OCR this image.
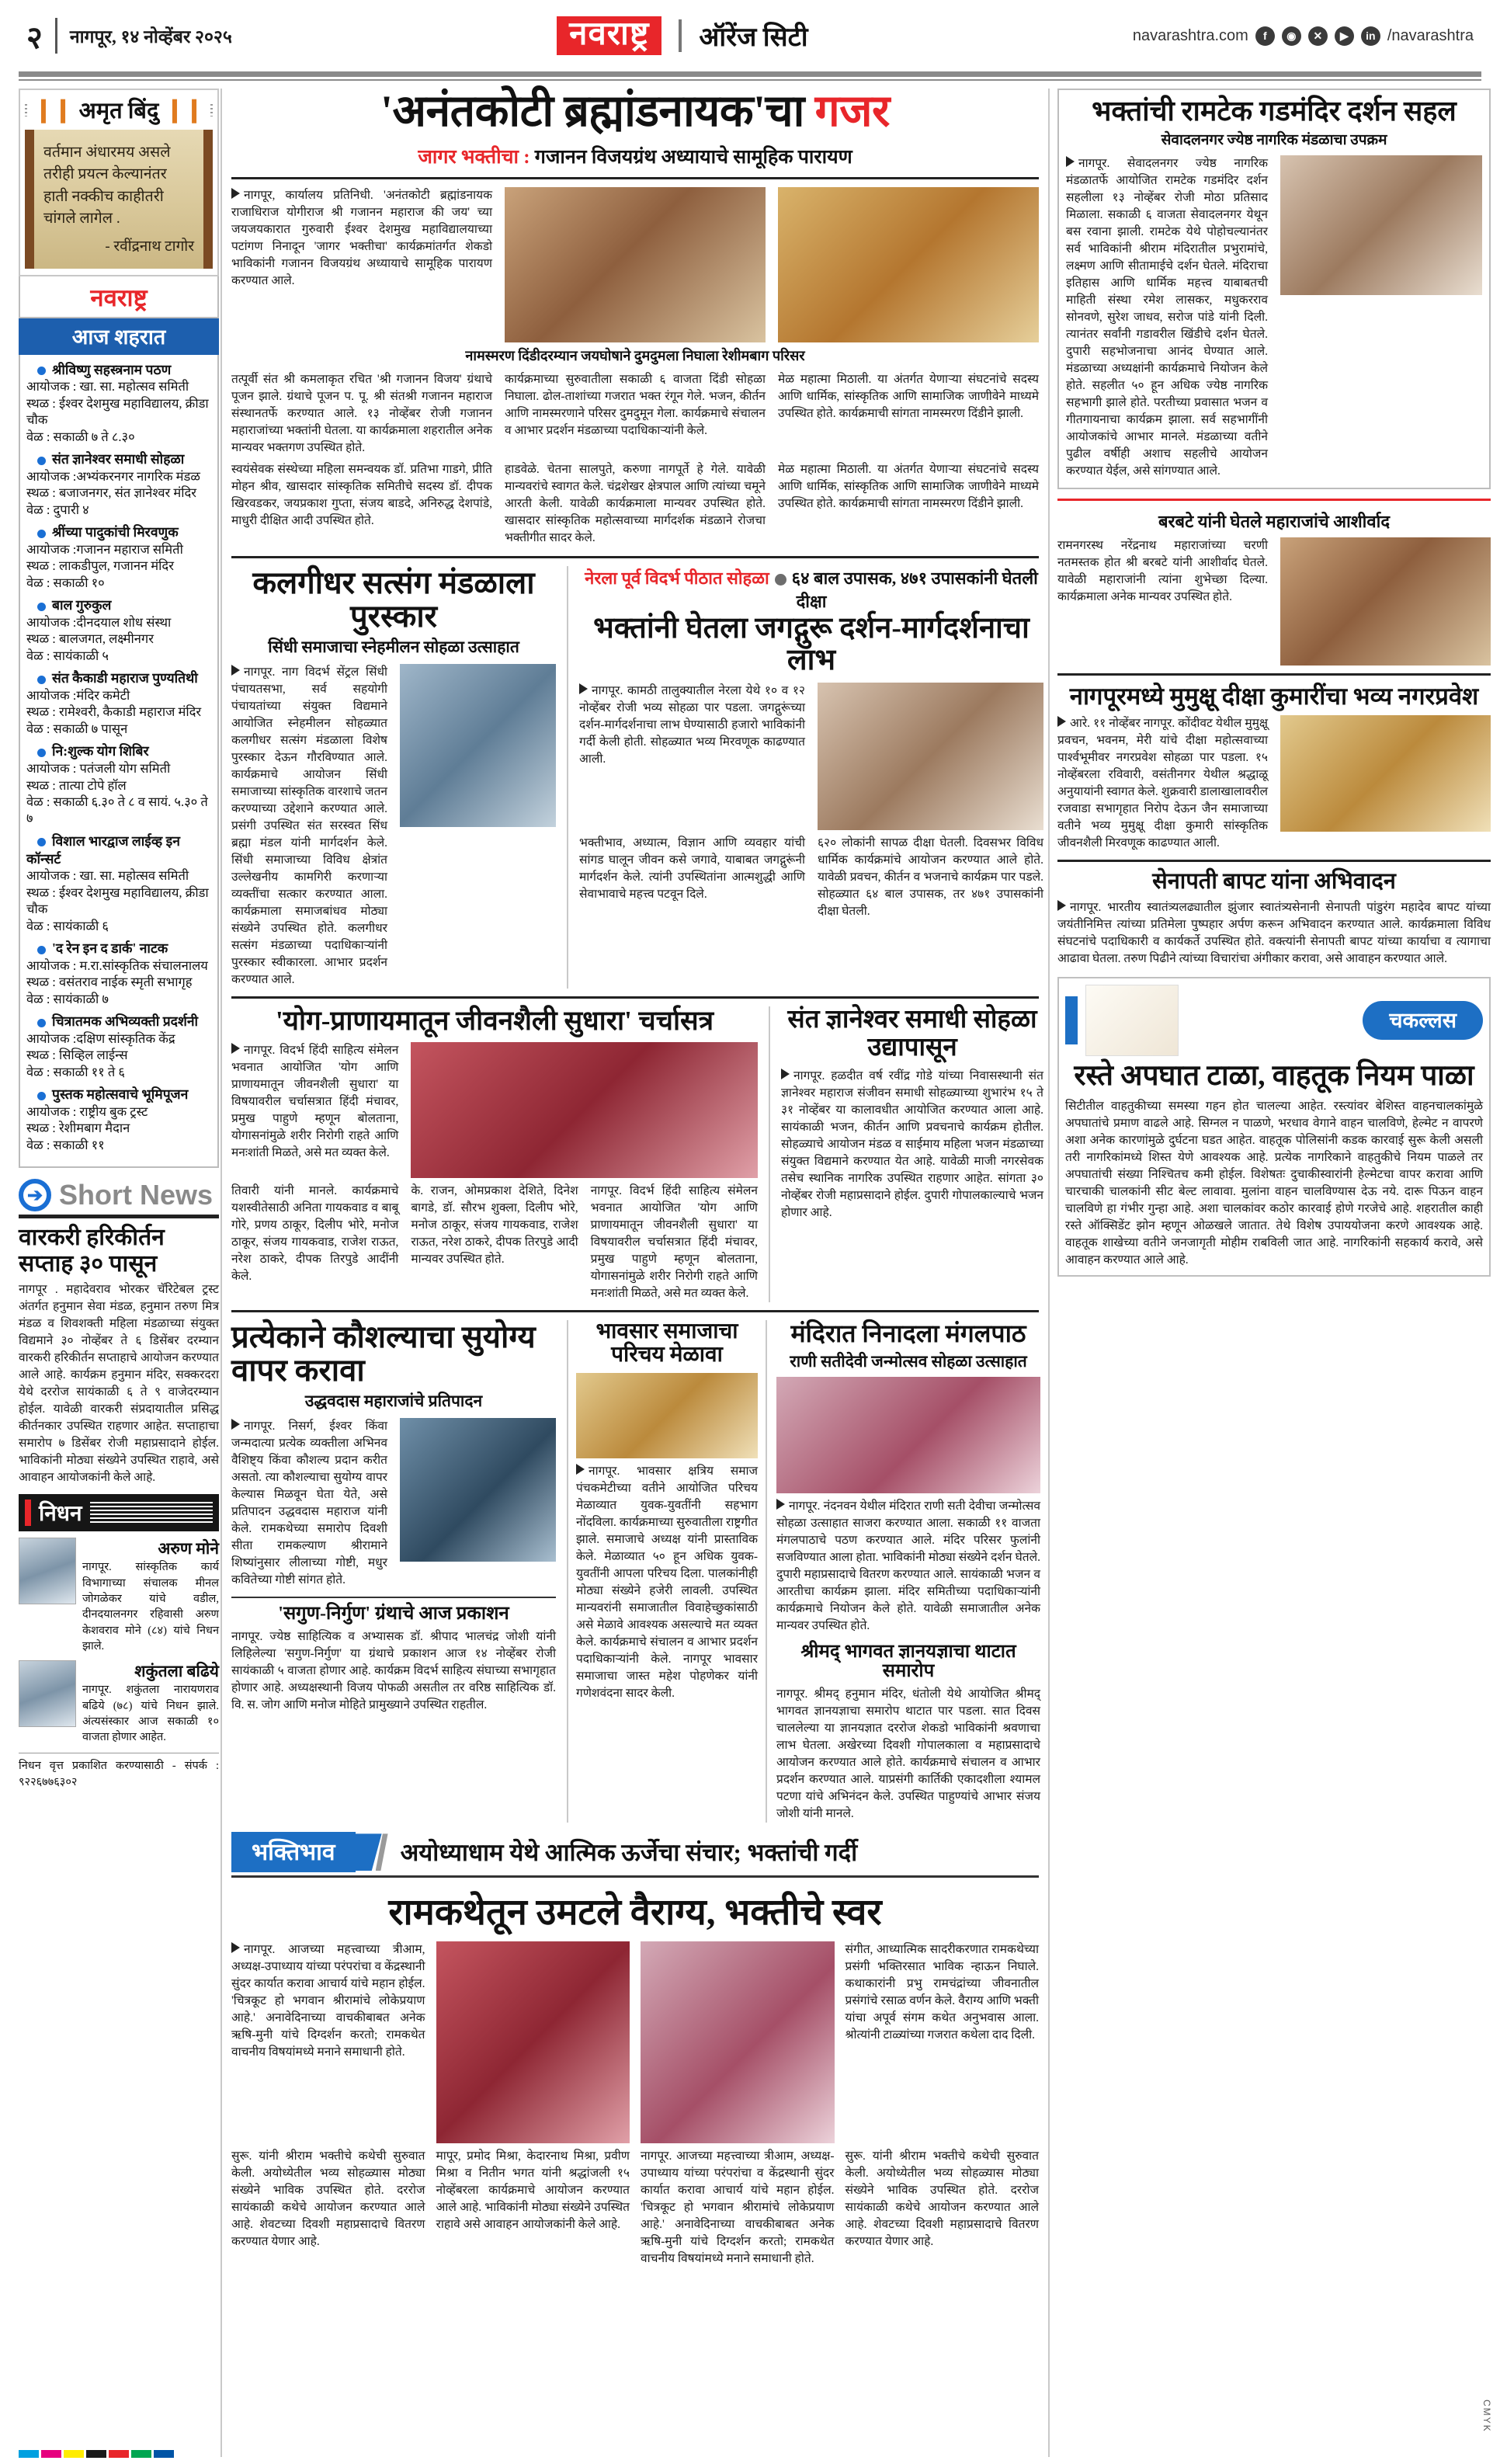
२	नागपूर, १४ नोव्हेंबर २०२५	नवराष्ट्र	ऑरेंज सिटी	navarashtra.com	f	◉	✕	▶	in /navarashtra
❙❙ अमृत बिंदु ❙❙
वर्तमान अंधारमय असले तरीही प्रयत्न केल्यानंतर हाती नक्कीच काहीतरी चांगले लागेल .
- रवींद्रनाथ टागोर
नवराष्ट्र
आज शहरात
श्रीविष्णु सहस्त्रनाम पठण
आयोजक : खा. सा. महोत्सव समिती
स्थळ : ईश्वर देशमुख महाविद्यालय, क्रीडा चौक
वेळ : सकाळी ७ ते ८.३०
संत ज्ञानेश्वर समाधी सोहळा
आयोजक :अभ्यंकरनगर नागरिक मंडळ
स्थळ : बजाजनगर, संत ज्ञानेश्वर मंदिर
वेळ : दुपारी ४
श्रींच्या पादुकांची मिरवणुक
आयोजक :गजानन महाराज समिती
स्थळ : लाकडीपुल, गजानन मंदिर
वेळ : सकाळी १०
बाल गुरुकुल
आयोजक :दीनदयाल शोध संस्था
स्थळ : बालजगत, लक्ष्मीनगर
वेळ : सायंकाळी ५
संत कैकाडी महाराज पुण्यतिथी
आयोजक :मंदिर कमेटी
स्थळ : रामेश्वरी, कैकाडी महाराज मंदिर
वेळ : सकाळी ७ पासून
नि:शुल्क योग शिबिर
आयोजक : पतंजली योग समिती
स्थळ : तात्या टोपे हॉल
वेळ : सकाळी ६.३० ते ८ व सायं. ५.३० ते ७
विशाल भारद्वाज लाईव्ह इन कॉन्सर्ट
आयोजक : खा. सा. महोत्सव समिती
स्थळ : ईश्वर देशमुख महाविद्यालय, क्रीडा चौक
वेळ : सायंकाळी ६
'द रेन इन द डार्क' नाटक
आयोजक : म.रा.सांस्कृतिक संचालनालय
स्थळ : वसंतराव नाईक स्मृती सभागृह
वेळ : सायंकाळी ७
चित्रातमक अभिव्यक्ती प्रदर्शनी
आयोजक :दक्षिण सांस्कृतिक केंद्र
स्थळ : सिव्हिल लाईन्स
वेळ : सकाळी ११ ते ६
पुस्तक महोत्सवाचे भूमिपूजन
आयोजक : राष्ट्रीय बुक ट्रस्ट
स्थळ : रेशीमबाग मैदान
वेळ : सकाळी ११
➔ Short News
वारकरी हरिकीर्तन सप्ताह ३० पासून
नागपूर . महादेवराव भोरकर चॅरिटेबल ट्रस्ट अंतर्गत हनुमान सेवा मंडळ, हनुमान तरुण मित्र मंडळ व शिवशक्ती महिला मंडळाच्या संयुक्त विद्यमाने ३० नोव्हेंबर ते ६ डिसेंबर दरम्यान वारकरी हरिकीर्तन सप्ताहाचे आयोजन करण्यात आले आहे. कार्यक्रम हनुमान मंदिर, सक्करदरा येथे दररोज सायंकाळी ६ ते ९ वाजेदरम्यान होईल. यावेळी वारकरी संप्रदायातील प्रसिद्ध कीर्तनकार उपस्थित राहणार आहेत. सप्ताहाचा समारोप ७ डिसेंबर रोजी महाप्रसादाने होईल. भाविकांनी मोठ्या संख्येने उपस्थित राहावे, असे आवाहन आयोजकांनी केले आहे.
निधन
अरुण मोने
नागपूर. सांस्कृतिक कार्य विभागाच्या संचालक मीनल जोगळेकर यांचे वडील, दीनदयालनगर रहिवासी अरुण केशवराव मोने (८४) यांचे निधन झाले.
शकुंतला बढिये
नागपूर. शकुंतला नारायणराव बढिये (७८) यांचे निधन झाले. अंत्यसंस्कार आज सकाळी १० वाजता होणार आहेत.
निधन वृत्त प्रकाशित करण्यासाठी - संपर्क : ९२२६७७६३०२
'अनंतकोटी ब्रह्मांडनायक'चा गजर
जागर भक्तीचा : गजानन विजयग्रंथ अध्यायाचे सामूहिक पारायण
नागपूर, कार्यालय प्रतिनिधी. 'अनंतकोटी ब्रह्मांडनायक राजाधिराज योगीराज श्री गजानन महाराज की जय' च्या जयजयकारात गुरुवारी ईश्वर देशमुख महाविद्यालयाच्या पटांगण निनादून 'जागर भक्तीचा' कार्यक्रमांतर्गत शेकडो भाविकांनी गजानन विजयग्रंथ अध्यायाचे सामूहिक पारायण करण्यात आले.
नामस्मरण दिंडीदरम्यान जयघोषाने दुमदुमला निघाला रेशीमबाग परिसर
तत्पूर्वी संत श्री कमलाकृत रचित 'श्री गजानन विजय' ग्रंथाचे पूजन झाले. ग्रंथाचे पूजन प. पू. श्री संतश्री गजानन महाराज संस्थानतर्फे करण्यात आले. १३ नोव्हेंबर रोजी गजानन महाराजांच्या भक्तांनी घेतला. या कार्यक्रमाला शहरातील अनेक मान्यवर भक्तगण उपस्थित होते.
कार्यक्रमाच्या सुरुवातीला सकाळी ६ वाजता दिंडी सोहळा निघाला. ढोल-ताशांच्या गजरात भक्त रंगून गेले. भजन, कीर्तन आणि नामस्मरणाने परिसर दुमदुमून गेला. कार्यक्रमाचे संचालन व आभार प्रदर्शन मंडळाच्या पदाधिकाऱ्यांनी केले.
मेळ महात्मा मिठाली. या अंतर्गत येणाऱ्या संघटनांचे सदस्य आणि धार्मिक, सांस्कृतिक आणि सामाजिक जाणीवेने माध्यमे उपस्थित होते. कार्यक्रमाची सांगता नामस्मरण दिंडीने झाली.
स्वयंसेवक संस्थेच्या महिला समन्वयक डॉ. प्रतिभा गाडगे, प्रीति मोहन श्रीव, खासदार सांस्कृतिक समितीचे सदस्य डॉ. दीपक खिरवडकर, जयप्रकाश गुप्ता, संजय बाडदे, अनिरुद्ध देशपांडे, माधुरी दीक्षित आदी उपस्थित होते.
हाडवेळे. चेतना सालपुते, करुणा नागपूर्ते हे गेले. यावेळी मान्यवरांचे स्वागत केले. चंद्रशेखर क्षेत्रपाल आणि त्यांच्या चमूने आरती केली. यावेळी कार्यक्रमाला मान्यवर उपस्थित होते. खासदार सांस्कृतिक महोत्सवाच्या मार्गदर्शक मंडळाने रोजचा भक्तीगीत सादर केले.
मेळ महात्मा मिठाली. या अंतर्गत येणाऱ्या संघटनांचे सदस्य आणि धार्मिक, सांस्कृतिक आणि सामाजिक जाणीवेने माध्यमे उपस्थित होते. कार्यक्रमाची सांगता नामस्मरण दिंडीने झाली.
कलगीधर सत्संग मंडळाला पुरस्कार
सिंधी समाजाचा स्नेहमीलन सोहळा उत्साहात
नागपूर. नाग विदर्भ सेंट्रल सिंधी पंचायतसभा, सर्व सहयोगी पंचायतांच्या संयुक्त विद्यमाने आयोजित स्नेहमीलन सोहळ्यात कलगीधर सत्संग मंडळाला विशेष पुरस्कार देऊन गौरविण्यात आले. कार्यक्रमाचे आयोजन सिंधी समाजाच्या सांस्कृतिक वारशाचे जतन करण्याच्या उद्देशाने करण्यात आले. प्रसंगी उपस्थित संत सरस्वत सिंध ब्रह्मा मंडल यांनी मार्गदर्शन केले. सिंधी समाजाच्या विविध क्षेत्रांत उल्लेखनीय कामगिरी करणाऱ्या व्यक्तींचा सत्कार करण्यात आला. कार्यक्रमाला समाजबांधव मोठ्या संख्येने उपस्थित होते. कलगीधर सत्संग मंडळाच्या पदाधिकाऱ्यांनी पुरस्कार स्वीकारला. आभार प्रदर्शन करण्यात आले.
नेरला पूर्व विदर्भ पीठात सोहळा ६४ बाल उपासक, ४७१ उपासकांनी घेतली दीक्षा
भक्तांनी घेतला जगद्गुरू दर्शन-मार्गदर्शनाचा लाभ
नागपूर. कामठी तालुक्यातील नेरला येथे १० व १२ नोव्हेंबर रोजी भव्य सोहळा पार पडला. जगद्गुरूंच्या दर्शन-मार्गदर्शनाचा लाभ घेण्यासाठी हजारो भाविकांनी गर्दी केली होती. सोहळ्यात भव्य मिरवणूक काढण्यात आली.
भक्तीभाव, अध्यात्म, विज्ञान आणि व्यवहार यांची सांगड घालून जीवन कसे जगावे, याबाबत जगद्गुरूंनी मार्गदर्शन केले. त्यांनी उपस्थितांना आत्मशुद्धी आणि सेवाभावाचे महत्त्व पटवून दिले.
६२० लोकांनी सापळ दीक्षा घेतली. दिवसभर विविध धार्मिक कार्यक्रमांचे आयोजन करण्यात आले होते. यावेळी प्रवचन, कीर्तन व भजनाचे कार्यक्रम पार पडले. सोहळ्यात ६४ बाल उपासक, तर ४७१ उपासकांनी दीक्षा घेतली.
'योग-प्राणायमातून जीवनशैली सुधारा' चर्चासत्र
नागपूर. विदर्भ हिंदी साहित्य संमेलन भवनात आयोजित 'योग आणि प्राणायमातून जीवनशैली सुधारा' या विषयावरील चर्चासत्रात हिंदी मंचावर, प्रमुख पाहुणे म्हणून बोलताना, योगासनांमुळे शरीर निरोगी राहते आणि मनःशांती मिळते, असे मत व्यक्त केले.
तिवारी यांनी मानले. कार्यक्रमाचे यशस्वीतेसाठी अनिता गायकवाड व बाबू गोरे, प्रणय ठाकूर, दिलीप भोरे, मनोज ठाकूर, संजय गायकवाड, राजेश राऊत, नरेश ठाकरे, दीपक तिरपुडे आदींनी केले.
के. राजन, ओमप्रकाश देशिते, दिनेश बागडे, डॉ. सौरभ शुक्ला, दिलीप भोरे, मनोज ठाकूर, संजय गायकवाड, राजेश राऊत, नरेश ठाकरे, दीपक तिरपुडे आदी मान्यवर उपस्थित होते.
नागपूर. विदर्भ हिंदी साहित्य संमेलन भवनात आयोजित 'योग आणि प्राणायमातून जीवनशैली सुधारा' या विषयावरील चर्चासत्रात हिंदी मंचावर, प्रमुख पाहुणे म्हणून बोलताना, योगासनांमुळे शरीर निरोगी राहते आणि मनःशांती मिळते, असे मत व्यक्त केले.
संत ज्ञानेश्वर समाधी सोहळा उद्यापासून
नागपूर. हळदीत वर्ष रवींद्र गोडे यांच्या निवासस्थानी संत ज्ञानेश्वर महाराज संजीवन समाधी सोहळ्याच्या शुभारंभ १५ ते ३१ नोव्हेंबर या कालावधीत आयोजित करण्यात आला आहे. सायंकाळी भजन, कीर्तन आणि प्रवचनाचे कार्यक्रम होतील. सोहळ्याचे आयोजन मंडळ व साईमाय महिला भजन मंडळाच्या संयुक्त विद्यमाने करण्यात येत आहे. यावेळी माजी नगरसेवक तसेच स्थानिक नागरिक उपस्थित राहणार आहेत. सांगता ३० नोव्हेंबर रोजी महाप्रसादाने होईल. दुपारी गोपालकाल्याचे भजन होणार आहे.
प्रत्येकाने कौशल्याचा सुयोग्य वापर करावा
उद्धवदास महाराजांचे प्रतिपादन
नागपूर. निसर्ग, ईश्वर किंवा जन्मदात्या प्रत्येक व्यक्तीला अभिनव वैशिष्ट्य किंवा कौशल्य प्रदान करीत असतो. त्या कौशल्याचा सुयोग्य वापर केल्यास मिळवून घेता येते, असे प्रतिपादन उद्धवदास महाराज यांनी केले. रामकथेच्या समारोप दिवशी सीता रामकल्याण श्रीरामाने शिष्यांनुसार लीलाच्या गोष्टी, मधुर कवितेच्या गोष्टी सांगत होते.
'सगुण-निर्गुण' ग्रंथाचे आज प्रकाशन
नागपूर. ज्येष्ठ साहित्यिक व अभ्यासक डॉ. श्रीपाद भालचंद्र जोशी यांनी लिहिलेल्या 'सगुण-निर्गुण' या ग्रंथाचे प्रकाशन आज १४ नोव्हेंबर रोजी सायंकाळी ५ वाजता होणार आहे. कार्यक्रम विदर्भ साहित्य संघाच्या सभागृहात होणार आहे. अध्यक्षस्थानी विजय पोफळी असतील तर वरिष्ठ साहित्यिक डॉ. वि. स. जोग आणि मनोज मोहिते प्रामुख्याने उपस्थित राहतील.
भावसार समाजाचा परिचय मेळावा
नागपूर. भावसार क्षत्रिय समाज पंचकमेटीच्या वतीने आयोजित परिचय मेळाव्यात युवक-युवतींनी सहभाग नोंदविला. कार्यक्रमाच्या सुरुवातीला राष्ट्रगीत झाले. समाजाचे अध्यक्ष यांनी प्रास्ताविक केले. मेळाव्यात ५० हून अधिक युवक-युवतींनी आपला परिचय दिला. पालकांनीही मोठ्या संख्येने हजेरी लावली. उपस्थित मान्यवरांनी समाजातील विवाहेच्छुकांसाठी असे मेळावे आवश्यक असल्याचे मत व्यक्त केले. कार्यक्रमाचे संचालन व आभार प्रदर्शन पदाधिकाऱ्यांनी केले. नागपूर भावसार समाजाचा जास्त महेश पोहणेकर यांनी गणेशवंदना सादर केली.
मंदिरात निनादला मंगलपाठ
राणी सतीदेवी जन्मोत्सव सोहळा उत्साहात
नागपूर. नंदनवन येथील मंदिरात राणी सती देवीचा जन्मोत्सव सोहळा उत्साहात साजरा करण्यात आला. सकाळी ११ वाजता मंगलपाठाचे पठण करण्यात आले. मंदिर परिसर फुलांनी सजविण्यात आला होता. भाविकांनी मोठ्या संख्येने दर्शन घेतले. दुपारी महाप्रसादाचे वितरण करण्यात आले. सायंकाळी भजन व आरतीचा कार्यक्रम झाला. मंदिर समितीच्या पदाधिकाऱ्यांनी कार्यक्रमाचे नियोजन केले होते. यावेळी समाजातील अनेक मान्यवर उपस्थित होते.
श्रीमद् भागवत ज्ञानयज्ञाचा थाटात समारोप
नागपूर. श्रीमद् हनुमान मंदिर, धंतोली येथे आयोजित श्रीमद् भागवत ज्ञानयज्ञाचा समारोप थाटात पार पडला. सात दिवस चाललेल्या या ज्ञानयज्ञात दररोज शेकडो भाविकांनी श्रवणाचा लाभ घेतला. अखेरच्या दिवशी गोपालकाला व महाप्रसादाचे आयोजन करण्यात आले होते. कार्यक्रमाचे संचालन व आभार प्रदर्शन करण्यात आले. याप्रसंगी कार्तिकी एकादशीला श्यामल पटणा यांचे अभिनंदन केले. उपस्थित पाहुण्यांचे आभार संजय जोशी यांनी मानले.
भक्तिभाव	अयोध्याधाम येथे आत्मिक ऊर्जेचा संचार; भक्तांची गर्दी
रामकथेतून उमटले वैराग्य, भक्तीचे स्वर
नागपूर. आजच्या महत्त्वाच्या त्रीआम, अध्यक्ष-उपाध्याय यांच्या परंपरांचा व केंद्रस्थानी सुंदर कार्यात करावा आचार्य यांचे महान होईल. 'चित्रकूट हो भगवान श्रीरामांचे लोकेप्रयाण आहे.' अनावेदिनाच्या वाचकीबाबत अनेक ऋषि-मुनी यांचे दिग्दर्शन करतो; रामकथेत वाचनीय विषयांमध्ये मनाने समाधानी होते.
संगीत, आध्यात्मिक सादरीकरणात रामकथेच्या प्रसंगी भक्तिरसात भाविक न्हाऊन निघाले. कथाकारांनी प्रभु रामचंद्रांच्या जीवनातील प्रसंगांचे रसाळ वर्णन केले. वैराग्य आणि भक्ती यांचा अपूर्व संगम कथेत अनुभवास आला. श्रोत्यांनी टाळ्यांच्या गजरात कथेला दाद दिली.
सुरू. यांनी श्रीराम भक्तीचे कथेची सुरुवात केली. अयोध्येतील भव्य सोहळ्यास मोठ्या संख्येने भाविक उपस्थित होते. दररोज सायंकाळी कथेचे आयोजन करण्यात आले आहे. शेवटच्या दिवशी महाप्रसादाचे वितरण करण्यात येणार आहे.
मापूर, प्रमोद मिश्रा, केदारनाथ मिश्रा, प्रवीण मिश्रा व नितीन भगत यांनी श्रद्धांजली १५ नोव्हेंबरला कार्यक्रमाचे आयोजन करण्यात आले आहे. भाविकांनी मोठ्या संख्येने उपस्थित राहावे असे आवाहन आयोजकांनी केले आहे.
नागपूर. आजच्या महत्त्वाच्या त्रीआम, अध्यक्ष-उपाध्याय यांच्या परंपरांचा व केंद्रस्थानी सुंदर कार्यात करावा आचार्य यांचे महान होईल. 'चित्रकूट हो भगवान श्रीरामांचे लोकेप्रयाण आहे.' अनावेदिनाच्या वाचकीबाबत अनेक ऋषि-मुनी यांचे दिग्दर्शन करतो; रामकथेत वाचनीय विषयांमध्ये मनाने समाधानी होते.
सुरू. यांनी श्रीराम भक्तीचे कथेची सुरुवात केली. अयोध्येतील भव्य सोहळ्यास मोठ्या संख्येने भाविक उपस्थित होते. दररोज सायंकाळी कथेचे आयोजन करण्यात आले आहे. शेवटच्या दिवशी महाप्रसादाचे वितरण करण्यात येणार आहे.
भक्तांची रामटेक गडमंदिर दर्शन सहल
सेवादलनगर ज्येष्ठ नागरिक मंडळाचा उपक्रम
नागपूर. सेवादलनगर ज्येष्ठ नागरिक मंडळातर्फे आयोजित रामटेक गडमंदिर दर्शन सहलीला १३ नोव्हेंबर रोजी मोठा प्रतिसाद मिळाला. सकाळी ६ वाजता सेवादलनगर येथून बस रवाना झाली. रामटेक येथे पोहोचल्यानंतर सर्व भाविकांनी श्रीराम मंदिरातील प्रभुरामांचे, लक्ष्मण आणि सीतामाईचे दर्शन घेतले. मंदिराचा इतिहास आणि धार्मिक महत्त्व याबाबतची माहिती संस्था रमेश लासकर, मधुकरराव सोनवणे, सुरेश जाधव, सरोज पांडे यांनी दिली. त्यानंतर सर्वांनी गडावरील खिंडीचे दर्शन घेतले. दुपारी सहभोजनाचा आनंद घेण्यात आले. मंडळाच्या अध्यक्षांनी कार्यक्रमाचे नियोजन केले होते. सहलीत ५० हून अधिक ज्येष्ठ नागरिक सहभागी झाले होते. परतीच्या प्रवासात भजन व गीतगायनाचा कार्यक्रम झाला. सर्व सहभागींनी आयोजकांचे आभार मानले. मंडळाच्या वतीने पुढील वर्षीही अशाच सहलीचे आयोजन करण्यात येईल, असे सांगण्यात आले.
बरबटे यांनी घेतले महाराजांचे आशीर्वाद
रामनगरस्थ नरेंद्रनाथ महाराजांच्या चरणी नतमस्तक होत श्री बरबटे यांनी आशीर्वाद घेतले. यावेळी महाराजांनी त्यांना शुभेच्छा दिल्या. कार्यक्रमाला अनेक मान्यवर उपस्थित होते.
नागपूरमध्ये मुमुक्षू दीक्षा कुमारींचा भव्य नगरप्रवेश
आरे. ११ नोव्हेंबर नागपूर. कोंदीवट येथील मुमुक्षू प्रवचन, भवनम, मेरी यांचे दीक्षा महोत्सवाच्या पार्श्वभूमीवर नगरप्रवेश सोहळा पार पडला. १५ नोव्हेंबरला रविवारी, वसंतीनगर येथील श्रद्धाळू अनुयायांनी स्वागत केले. शुक्रवारी डालाखालावरील रजवाडा सभागृहात निरोप देऊन जैन समाजाच्या वतीने भव्य मुमुक्षू दीक्षा कुमारी सांस्कृतिक जीवनशैली मिरवणूक काढण्यात आली.
सेनापती बापट यांना अभिवादन
नागपूर. भारतीय स्वातंत्र्यलढ्यातील झुंजार स्वातंत्र्यसेनानी सेनापती पांडुरंग महादेव बापट यांच्या जयंतीनिमित्त त्यांच्या प्रतिमेला पुष्पहार अर्पण करून अभिवादन करण्यात आले. कार्यक्रमाला विविध संघटनांचे पदाधिकारी व कार्यकर्ते उपस्थित होते. वक्त्यांनी सेनापती बापट यांच्या कार्याचा व त्यागाचा आढावा घेतला. तरुण पिढीने त्यांच्या विचारांचा अंगीकार करावा, असे आवाहन करण्यात आले.
चकल्लस
रस्ते अपघात टाळा, वाहतूक नियम पाळा
सिटीतील वाहतुकीच्या समस्या गहन होत चालल्या आहेत. रस्त्यांवर बेशिस्त वाहनचालकांमुळे अपघातांचे प्रमाण वाढले आहे. सिग्नल न पाळणे, भरधाव वेगाने वाहन चालविणे, हेल्मेट न वापरणे अशा अनेक कारणांमुळे दुर्घटना घडत आहेत. वाहतूक पोलिसांनी कडक कारवाई सुरू केली असली तरी नागरिकांमध्ये शिस्त येणे आवश्यक आहे. प्रत्येक नागरिकाने वाहतुकीचे नियम पाळले तर अपघातांची संख्या निश्चितच कमी होईल. विशेषतः दुचाकीस्वारांनी हेल्मेटचा वापर करावा आणि चारचाकी चालकांनी सीट बेल्ट लावावा. मुलांना वाहन चालविण्यास देऊ नये. दारू पिऊन वाहन चालविणे हा गंभीर गुन्हा आहे. अशा चालकांवर कठोर कारवाई होणे गरजेचे आहे. शहरातील काही रस्ते ऑक्सिडेंट झोन म्हणून ओळखले जातात. तेथे विशेष उपाययोजना करणे आवश्यक आहे. वाहतूक शाखेच्या वतीने जनजागृती मोहीम राबविली जात आहे. नागरिकांनी सहकार्य करावे, असे आवाहन करण्यात आले आहे.
CMYK
